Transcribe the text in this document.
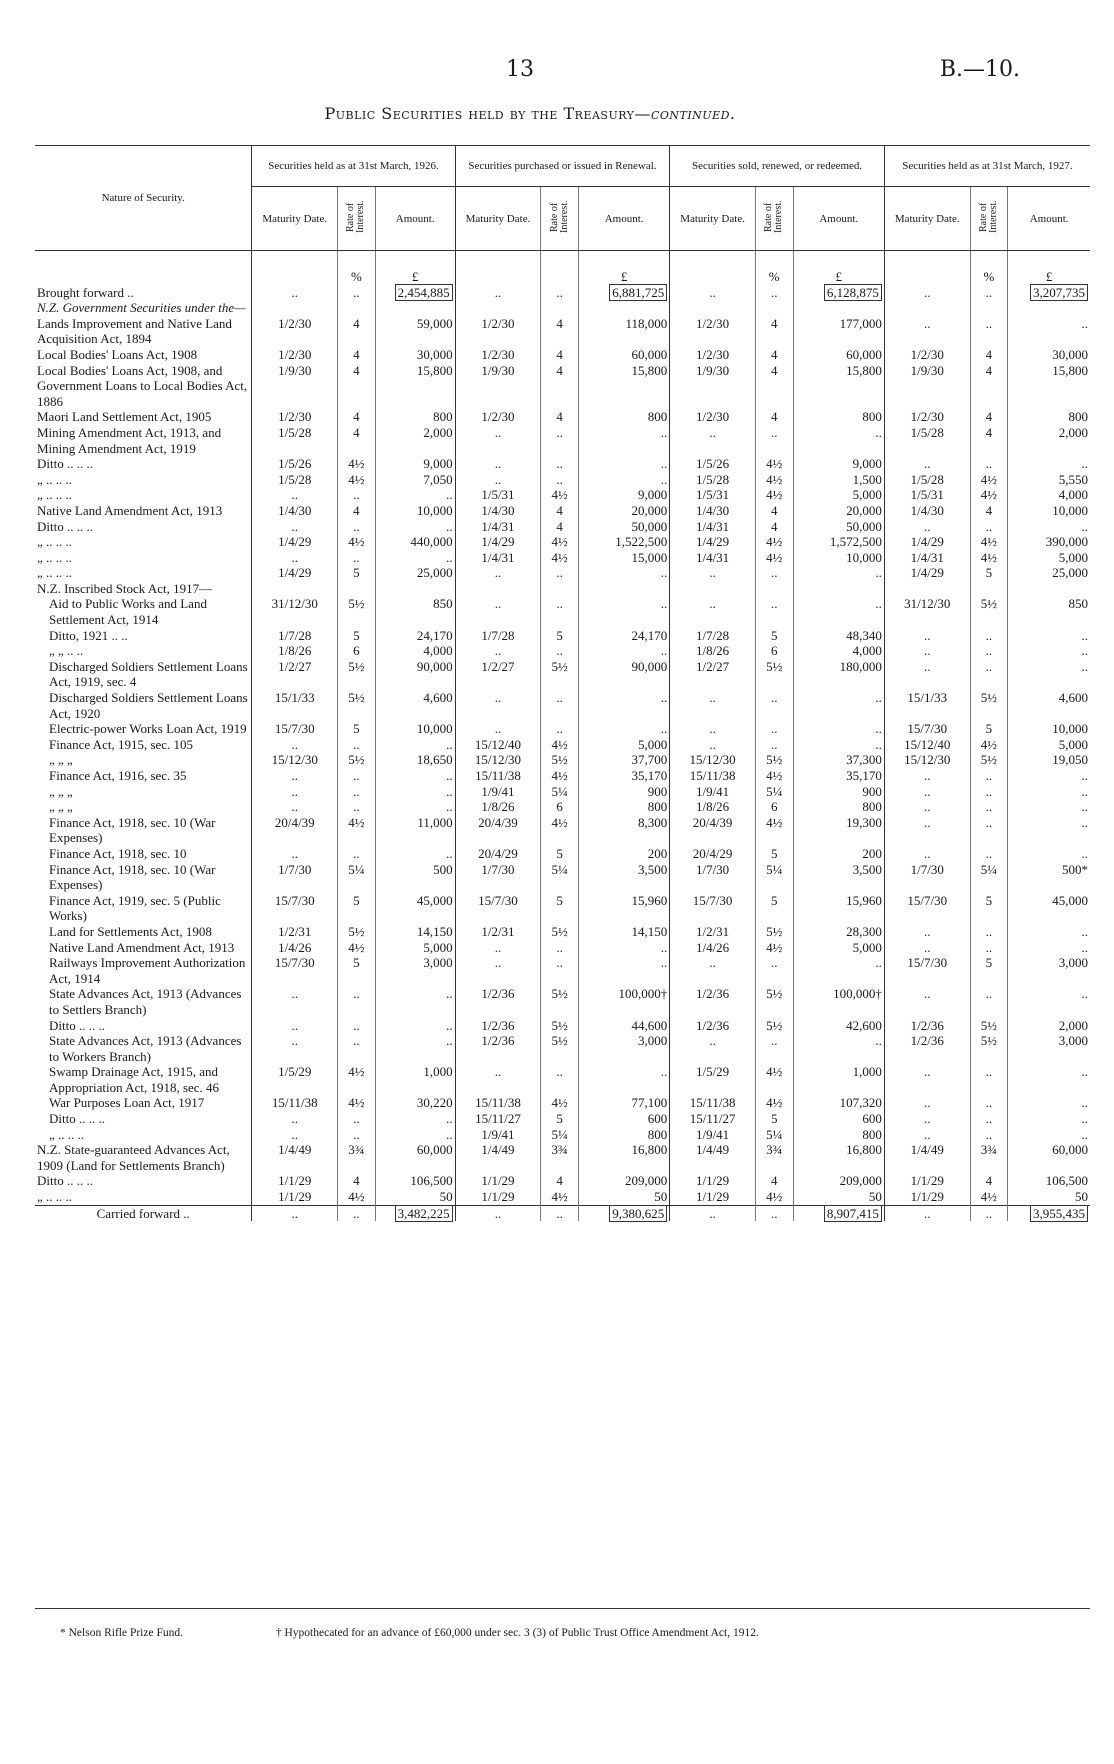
13	B.—10.
Public Securities held by the Treasury—continued.
Nature of Security.	Securities held as at 31st March, 1926.			Securities purchased or issued in Renewal.			Securities sold, renewed, or redeemed.			Securities held as at 31st March, 1927.		
	Maturity Date.	Rate of Interest.	Amount.	Maturity Date.	Rate of Interest.	Amount.	Maturity Date.	Rate of Interest.	Amount.	Maturity Date.	Rate of Interest.	Amount.
		%	£			£		%	£		%	£
Brought forward ..	..	..	2,454,885	..	..	6,881,725	..	..	6,128,875	..	..	3,207,735
N.Z. Government Securities under the—												
Lands Improvement and Native Land Acquisition Act, 1894	1/2/30	4	59,000	1/2/30	4	118,000	1/2/30	4	177,000	..	..	..
Local Bodies' Loans Act, 1908	1/2/30	4	30,000	1/2/30	4	60,000	1/2/30	4	60,000	1/2/30	4	30,000
Local Bodies' Loans Act, 1908, and Government Loans to Local Bodies Act, 1886	1/9/30	4	15,800	1/9/30	4	15,800	1/9/30	4	15,800	1/9/30	4	15,800
Maori Land Settlement Act, 1905	1/2/30	4	800	1/2/30	4	800	1/2/30	4	800	1/2/30	4	800
Mining Amendment Act, 1913, and Mining Amendment Act, 1919	1/5/28	4	2,000	..	..	..	..	..	..	1/5/28	4	2,000
Ditto .. .. ..	1/5/26	4½	9,000	..	..	..	1/5/26	4½	9,000	..	..	..
„ .. .. ..	1/5/28	4½	7,050	..	..	..	1/5/28	4½	1,500	1/5/28	4½	5,550
„ .. .. ..	..	..	..	1/5/31	4½	9,000	1/5/31	4½	5,000	1/5/31	4½	4,000
Native Land Amendment Act, 1913	1/4/30	4	10,000	1/4/30	4	20,000	1/4/30	4	20,000	1/4/30	4	10,000
Ditto .. .. ..	..	..	..	1/4/31	4	50,000	1/4/31	4	50,000	..	..	..
„ .. .. ..	1/4/29	4½	440,000	1/4/29	4½	1,522,500	1/4/29	4½	1,572,500	1/4/29	4½	390,000
„ .. .. ..	..	..	..	1/4/31	4½	15,000	1/4/31	4½	10,000	1/4/31	4½	5,000
„ .. .. ..	1/4/29	5	25,000	..	..	..	..	..	..	1/4/29	5	25,000
N.Z. Inscribed Stock Act, 1917—												
Aid to Public Works and Land Settlement Act, 1914	31/12/30	5½	850	..	..	..	..	..	..	31/12/30	5½	850
Ditto, 1921 .. ..	1/7/28	5	24,170	1/7/28	5	24,170	1/7/28	5	48,340	..	..	..
„ „ .. ..	1/8/26	6	4,000	..	..	..	1/8/26	6	4,000	..	..	..
Discharged Soldiers Settlement Loans Act, 1919, sec. 4	1/2/27	5½	90,000	1/2/27	5½	90,000	1/2/27	5½	180,000	..	..	..
Discharged Soldiers Settlement Loans Act, 1920	15/1/33	5½	4,600	..	..	..	..	..	..	15/1/33	5½	4,600
Electric-power Works Loan Act, 1919	15/7/30	5	10,000	..	..	..	..	..	..	15/7/30	5	10,000
Finance Act, 1915, sec. 105	..	..	..	15/12/40	4½	5,000	..	..	..	15/12/40	4½	5,000
„ „ „	15/12/30	5½	18,650	15/12/30	5½	37,700	15/12/30	5½	37,300	15/12/30	5½	19,050
Finance Act, 1916, sec. 35	..	..	..	15/11/38	4½	35,170	15/11/38	4½	35,170	..	..	..
„ „ „	..	..	..	1/9/41	5¼	900	1/9/41	5¼	900	..	..	..
„ „ „	..	..	..	1/8/26	6	800	1/8/26	6	800	..	..	..
Finance Act, 1918, sec. 10 (War Expenses)	20/4/39	4½	11,000	20/4/39	4½	8,300	20/4/39	4½	19,300	..	..	..
Finance Act, 1918, sec. 10	..	..	..	20/4/29	5	200	20/4/29	5	200	..	..	..
Finance Act, 1918, sec. 10 (War Expenses)	1/7/30	5¼	500	1/7/30	5¼	3,500	1/7/30	5¼	3,500	1/7/30	5¼	500*
Finance Act, 1919, sec. 5 (Public Works)	15/7/30	5	45,000	15/7/30	5	15,960	15/7/30	5	15,960	15/7/30	5	45,000
Land for Settlements Act, 1908	1/2/31	5½	14,150	1/2/31	5½	14,150	1/2/31	5½	28,300	..	..	..
Native Land Amendment Act, 1913	1/4/26	4½	5,000	..	..	..	1/4/26	4½	5,000	..	..	..
Railways Improvement Authorization Act, 1914	15/7/30	5	3,000	..	..	..	..	..	..	15/7/30	5	3,000
State Advances Act, 1913 (Advances to Settlers Branch)	..	..	..	1/2/36	5½	100,000†	1/2/36	5½	100,000†	..	..	..
Ditto .. .. ..	..	..	..	1/2/36	5½	44,600	1/2/36	5½	42,600	1/2/36	5½	2,000
State Advances Act, 1913 (Advances to Workers Branch)	..	..	..	1/2/36	5½	3,000	..	..	..	1/2/36	5½	3,000
Swamp Drainage Act, 1915, and Appropriation Act, 1918, sec. 46	1/5/29	4½	1,000	..	..	..	1/5/29	4½	1,000	..	..	..
War Purposes Loan Act, 1917	15/11/38	4½	30,220	15/11/38	4½	77,100	15/11/38	4½	107,320	..	..	..
Ditto .. .. ..	..	..	..	15/11/27	5	600	15/11/27	5	600	..	..	..
„ .. .. ..	..	..	..	1/9/41	5¼	800	1/9/41	5¼	800	..	..	..
N.Z. State-guaranteed Advances Act, 1909 (Land for Settlements Branch)	1/4/49	3¾	60,000	1/4/49	3¾	16,800	1/4/49	3¾	16,800	1/4/49	3¾	60,000
Ditto .. .. ..	1/1/29	4	106,500	1/1/29	4	209,000	1/1/29	4	209,000	1/1/29	4	106,500
„ .. .. ..	1/1/29	4½	50	1/1/29	4½	50	1/1/29	4½	50	1/1/29	4½	50
Carried forward ..	..	..	3,482,225	..	..	9,380,625	..	..	8,907,415	..	..	3,955,435
* Nelson Rifle Prize Fund.	† Hypothecated for an advance of £60,000 under sec. 3 (3) of Public Trust Office Amendment Act, 1912.
